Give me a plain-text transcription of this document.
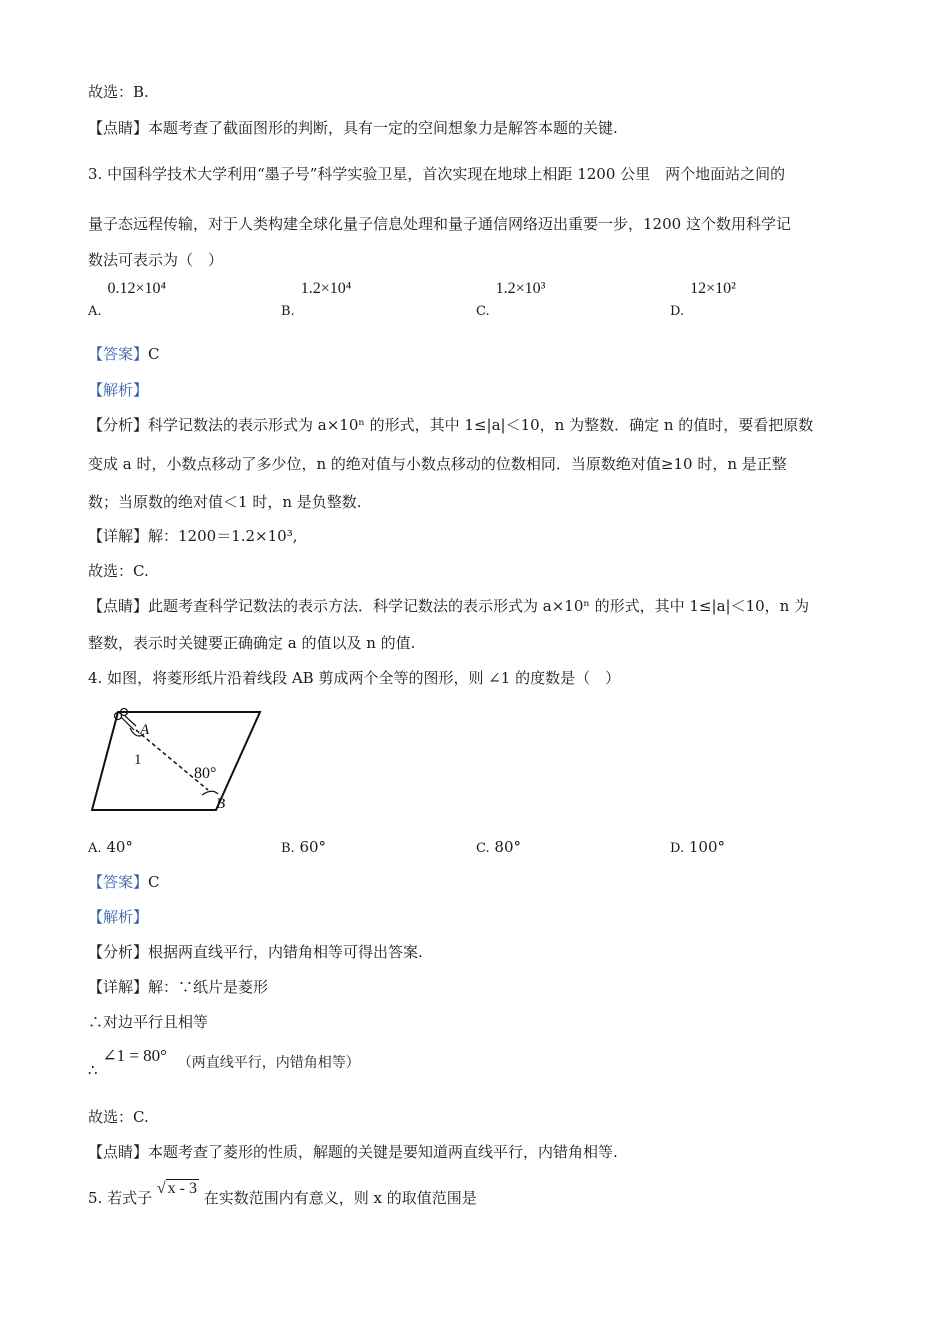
故选：B.
【点睛】本题考查了截面图形的判断，具有一定的空间想象力是解答本题的关键.
3. 中国科学技术大学利用“墨子号”科学实验卫星，首次实现在地球上相距 1200 公里　两个地面站之间的
量子态远程传输，对于人类构建全球化量子信息处理和量子通信网络迈出重要一步，1200 这个数用科学记
数法可表示为（　）
A.0.12×10⁴
B.1.2×10⁴
C.1.2×10³
D.12×10²
【答案】C
【解析】
【分析】科学记数法的表示形式为 a×10ⁿ 的形式，其中 1≤|a|＜10，n 为整数．确定 n 的值时，要看把原数
变成 a 时，小数点移动了多少位，n 的绝对值与小数点移动的位数相同．当原数绝对值≥10 时，n 是正整
数；当原数的绝对值＜1 时，n 是负整数.
【详解】解：1200＝1.2×10³,
故选：C.
【点睛】此题考查科学记数法的表示方法．科学记数法的表示形式为 a×10ⁿ 的形式，其中 1≤|a|＜10，n 为
整数，表示时关键要正确确定 a 的值以及 n 的值.
4. 如图，将菱形纸片沿着线段 AB 剪成两个全等的图形，则 ∠1 的度数是（　）
A
1
80°
B
A. 40°	B. 60°	C. 80°	D. 100°
【答案】C
【解析】
【分析】根据两直线平行，内错角相等可得出答案.
【详解】解：∵纸片是菱形
∴对边平行且相等
∴ ∠1 = 80° （两直线平行，内错角相等）
故选：C.
【点睛】本题考查了菱形的性质，解题的关键是要知道两直线平行，内错角相等.
5. 若式子 √ x - 3 在实数范围内有意义，则 x 的取值范围是
